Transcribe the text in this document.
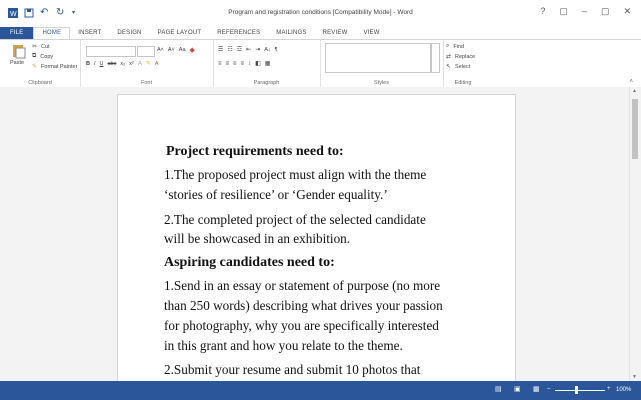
W ↶ ↻ ▾	Program and registration conditions [Compatibility Mode] - Word	? ▢ – ▢ ✕
FILE	HOME	INSERT	DESIGN	PAGE LAYOUT	REFERENCES	MAILINGS	REVIEW	VIEW
Paste
✂ Cut
⧉ Copy
✎ Format Painter
Clipboard
A˄ A˅ Aa ◆
B I U abc x₂ x² A ✎ A
Font
☰ ☷ ☲ ⇤ ⇥ A↓ ¶
≡ ≡ ≡ ≡ ↕ ◧ ▦
Paragraph	Styles
⌕ Find
⇄ Replace
↖ Select
Editing	˄

Project requirements need to:

1.The proposed project must align with the theme

‘stories of resilience’ or ‘Gender equality.’

2.The completed project of the selected candidate

will be showcased in an exhibition.

Aspiring candidates need to:

1.Send in an essay or statement of purpose (no more

than 250 words) describing what drives your passion

for photography, why you are specifically interested

in this grant and how you relate to the theme.

2.Submit your resume and submit 10 photos that

▲
▼
▤ ▣ ▦ –	+ 100%
